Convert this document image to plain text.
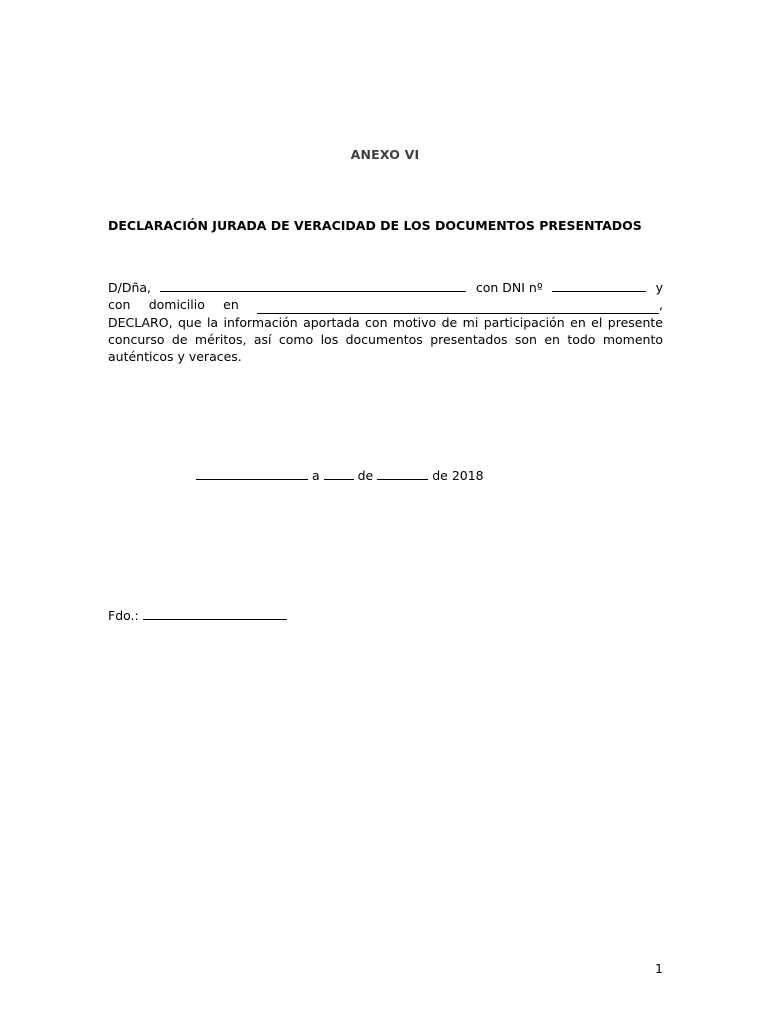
ANEXO VI
DECLARACIÓN JURADA DE VERACIDAD DE LOS DOCUMENTOS PRESENTADOS
D/Dña,	con DNI nº	y
con domicilio en	,
DECLARO, que la información aportada con motivo de mi participación en el presente concurso de méritos, así como los documentos presentados son en todo momento auténticos y veraces.
a	de	de 2018
Fdo.:
1
